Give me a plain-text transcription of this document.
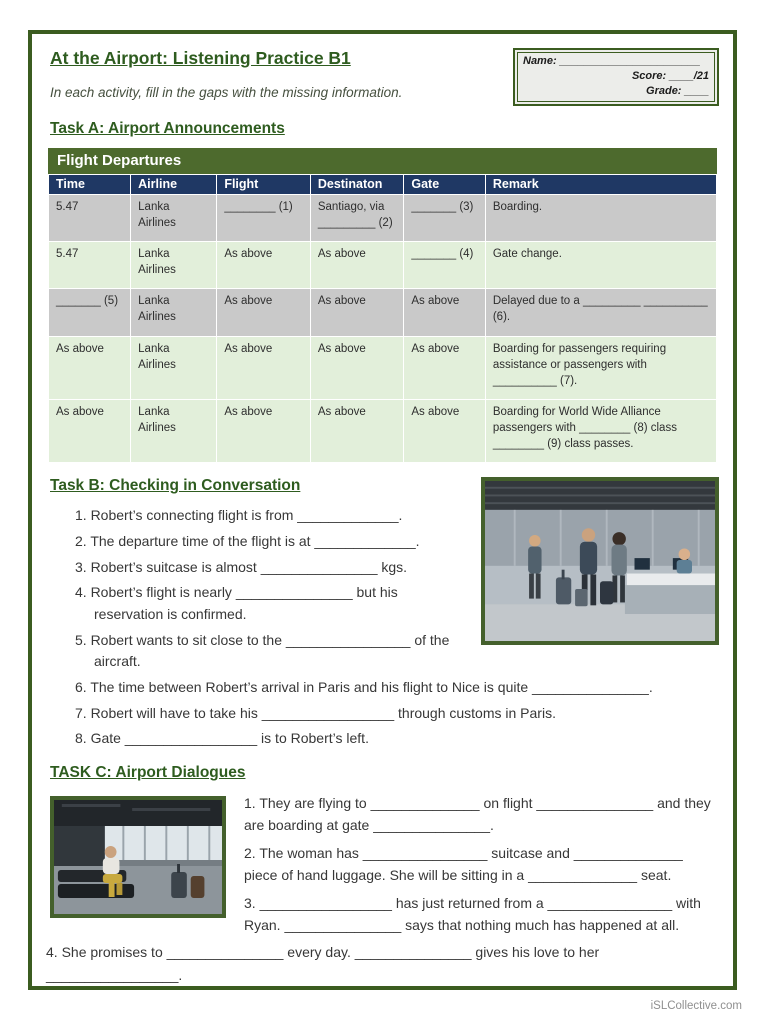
At the Airport: Listening Practice B1

In each activity, fill in the gaps with the missing information.

Name: _______________________
Score: ____/21
Grade: ____
Task A: Airport Announcements
Flight Departures
Time	Airline	Flight	Destinaton	Gate	Remark
5.47	Lanka Airlines	________ (1)	Santiago, via _________ (2)	_______ (3)	Boarding.
5.47	Lanka Airlines	As above	As above	_______ (4)	Gate change.
_______ (5)	Lanka Airlines	As above	As above	As above	Delayed due to a _________ __________ (6).
As above	Lanka Airlines	As above	As above	As above	Boarding for passengers requiring assistance or passengers with __________ (7).
As above	Lanka Airlines	As above	As above	As above	Boarding for World Wide Alliance passengers with ________ (8) class ________ (9) class passes.
Task B: Checking in Conversation
1. Robert’s connecting flight is from _____________.
2. The departure time of the flight is at _____________.
3. Robert’s suitcase is almost _______________ kgs.
4. Robert’s flight is nearly _______________ but his reservation is confirmed.
5. Robert wants to sit close to the ________________ of the aircraft.
6. The time between Robert’s arrival in Paris and his flight to Nice is quite _______________.
7. Robert will have to take his _________________ through customs in Paris.
8. Gate _________________ is to Robert’s left.
TASK C: Airport Dialogues
1. They are flying to ______________ on flight _______________ and they are boarding at gate _______________.
2. The woman has ________________ suitcase and ______________ piece of hand luggage. She will be sitting in a ______________ seat.
3. _________________ has just returned from a ________________ with Ryan. _______________ says that nothing much has happened at all.
4. She promises to _______________ every day. _______________ gives his love to her _________________.
iSLCollective.com
